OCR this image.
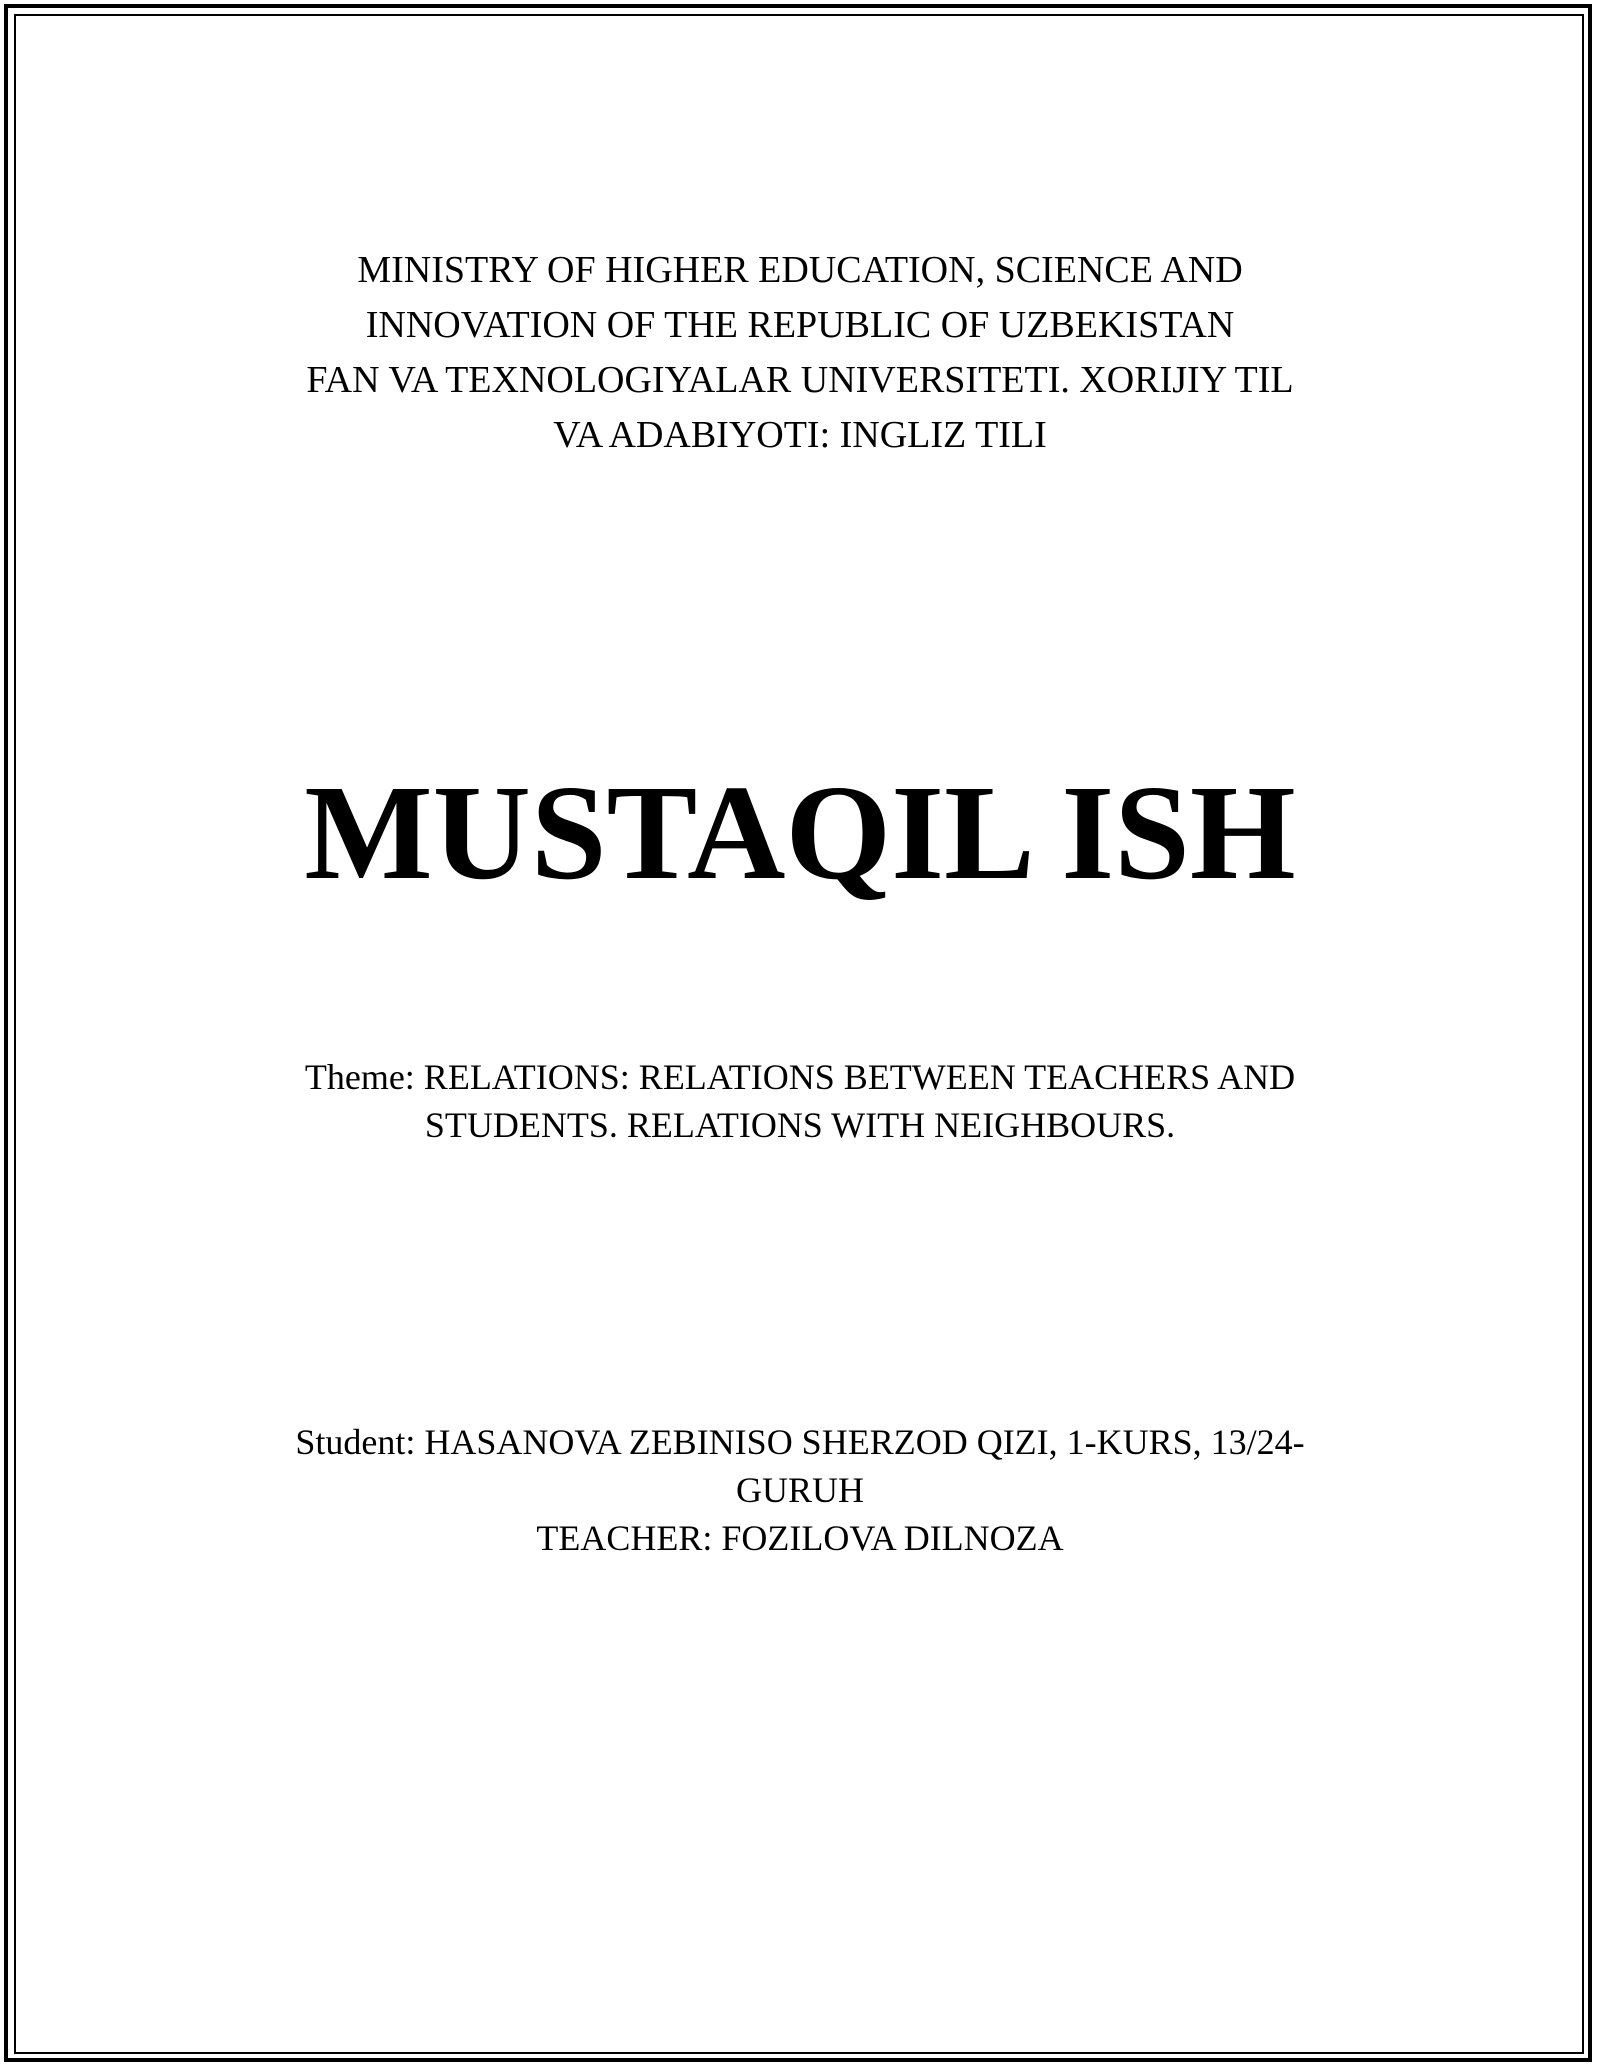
MINISTRY OF HIGHER EDUCATION, SCIENCE AND
INNOVATION OF THE REPUBLIC OF UZBEKISTAN
FAN VA TEXNOLOGIYALAR UNIVERSITETI. XORIJIY TIL
VA ADABIYOTI: INGLIZ TILI
MUSTAQIL ISH
Theme: RELATIONS: RELATIONS BETWEEN TEACHERS AND
STUDENTS. RELATIONS WITH NEIGHBOURS.
Student: HASANOVA ZEBINISO SHERZOD QIZI, 1-KURS, 13/24-
GURUH
TEACHER: FOZILOVA DILNOZA
